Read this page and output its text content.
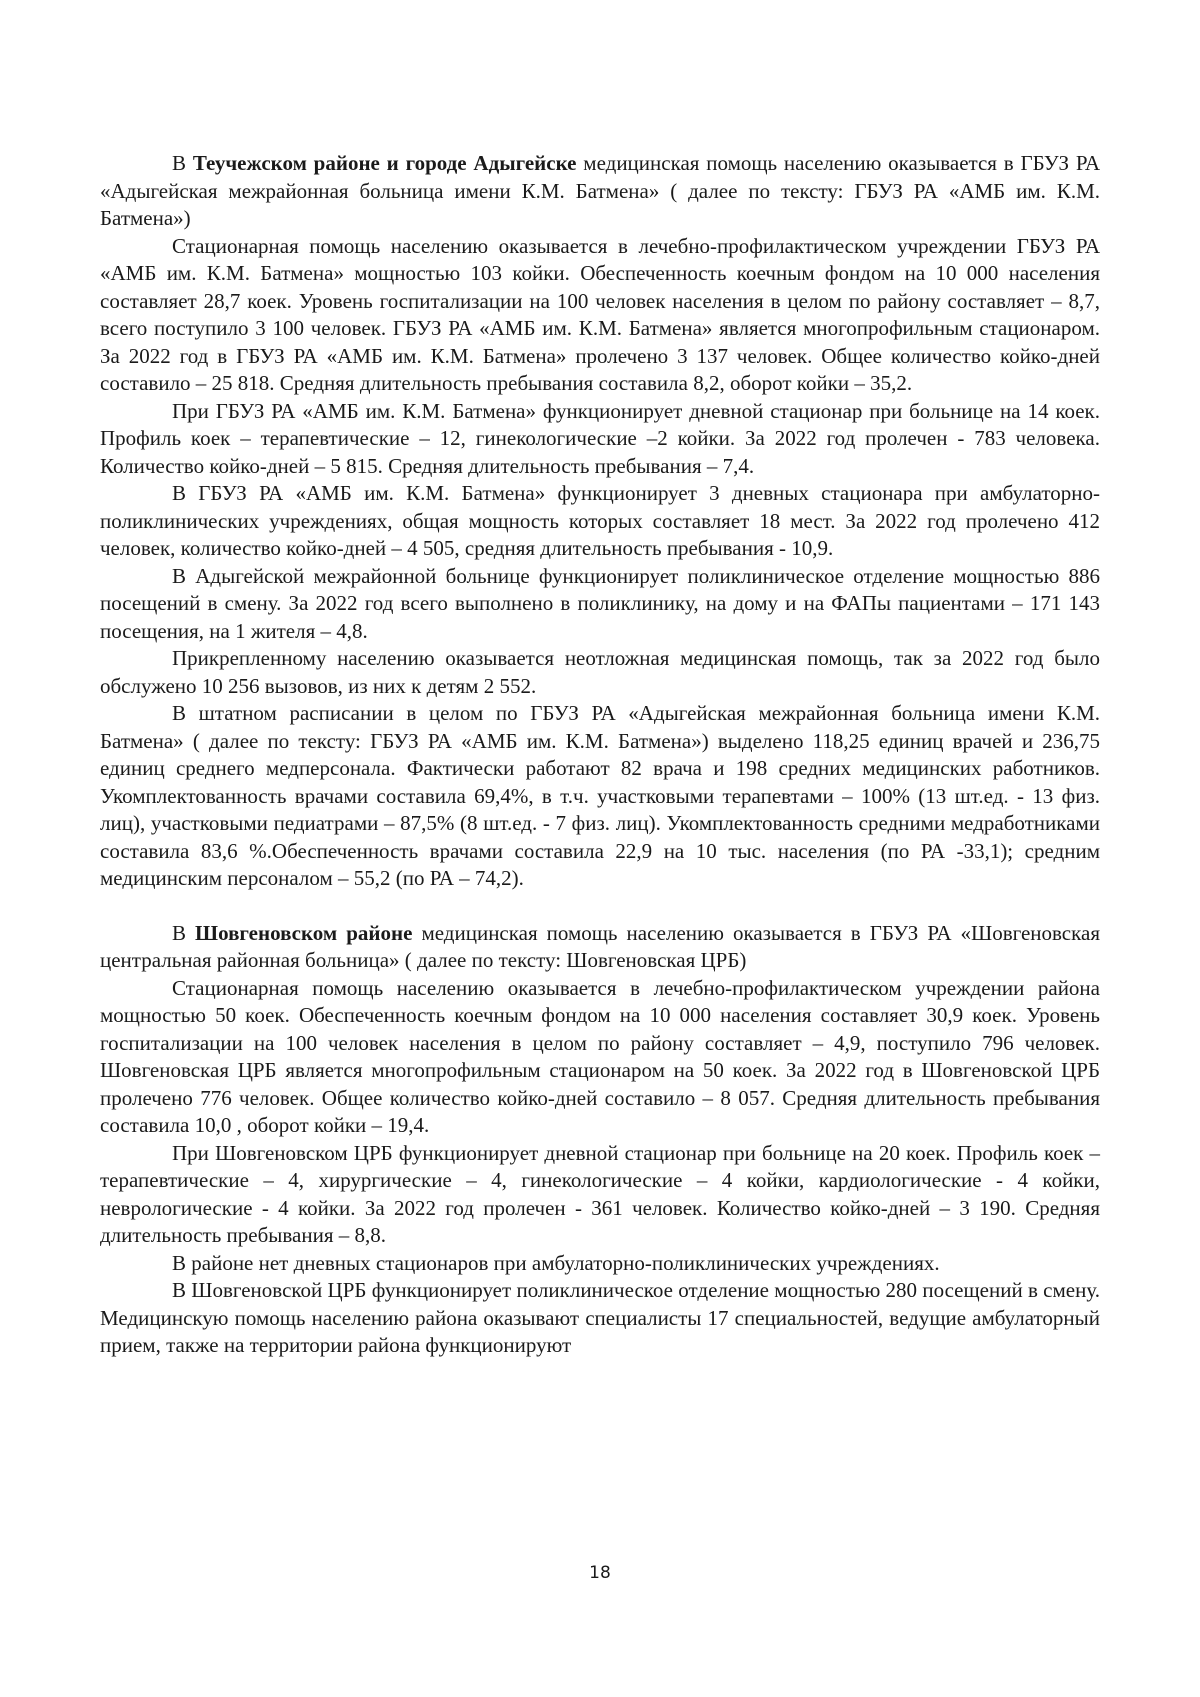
В Теучежском районе и городе Адыгейске медицинская помощь населению оказывается в ГБУЗ РА «Адыгейская межрайонная больница имени К.М. Батмена» ( далее по тексту: ГБУЗ РА «АМБ им. К.М. Батмена»)

Стационарная помощь населению оказывается в лечебно-профилактическом учреждении ГБУЗ РА «АМБ им. К.М. Батмена» мощностью 103 койки. Обеспеченность коечным фондом на 10 000 населения составляет 28,7 коек. Уровень госпитализации на 100 человек населения в целом по району составляет – 8,7, всего поступило 3 100 человек. ГБУЗ РА «АМБ им. К.М. Батмена» является многопрофильным стационаром. За 2022 год в ГБУЗ РА «АМБ им. К.М. Батмена» пролечено 3 137 человек. Общее количество койко-дней составило – 25 818. Средняя длительность пребывания составила 8,2, оборот койки – 35,2.

При ГБУЗ РА «АМБ им. К.М. Батмена» функционирует дневной стационар при больнице на 14 коек. Профиль коек – терапевтические – 12, гинекологические –2 койки. За 2022 год пролечен - 783 человека. Количество койко-дней – 5 815. Средняя длительность пребывания – 7,4.

В ГБУЗ РА «АМБ им. К.М. Батмена» функционирует 3 дневных стационара при амбулаторно-поликлинических учреждениях, общая мощность которых составляет 18 мест. За 2022 год пролечено 412 человек, количество койко-дней – 4 505, средняя длительность пребывания - 10,9.

В Адыгейской межрайонной больнице функционирует поликлиническое отделение мощностью 886 посещений в смену. За 2022 год всего выполнено в поликлинику, на дому и на ФАПы пациентами – 171 143 посещения, на 1 жителя – 4,8.

Прикрепленному населению оказывается неотложная медицинская помощь, так за 2022 год было обслужено 10 256 вызовов, из них к детям 2 552.

В штатном расписании в целом по ГБУЗ РА «Адыгейская межрайонная больница имени К.М. Батмена» ( далее по тексту: ГБУЗ РА «АМБ им. К.М. Батмена») выделено 118,25 единиц врачей и 236,75 единиц среднего медперсонала. Фактически работают 82 врача и 198 средних медицинских работников. Укомплектованность врачами составила 69,4%, в т.ч. участковыми терапевтами – 100% (13 шт.ед. - 13 физ. лиц), участковыми педиатрами – 87,5% (8 шт.ед. - 7 физ. лиц). Укомплектованность средними медработниками составила 83,6 %.Обеспеченность врачами составила 22,9 на 10 тыс. населения (по РА -33,1); средним медицинским персоналом – 55,2 (по РА – 74,2).

В Шовгеновском районе медицинская помощь населению оказывается в ГБУЗ РА «Шовгеновская центральная районная больница» ( далее по тексту: Шовгеновская ЦРБ)

Стационарная помощь населению оказывается в лечебно-профилактическом учреждении района мощностью 50 коек. Обеспеченность коечным фондом на 10 000 населения составляет 30,9 коек. Уровень госпитализации на 100 человек населения в целом по району составляет – 4,9, поступило 796 человек. Шовгеновская ЦРБ является многопрофильным стационаром на 50 коек. За 2022 год в Шовгеновской ЦРБ пролечено 776 человек. Общее количество койко-дней составило – 8 057. Средняя длительность пребывания составила 10,0 , оборот койки – 19,4.

При Шовгеновском ЦРБ функционирует дневной стационар при больнице на 20 коек. Профиль коек – терапевтические – 4, хирургические – 4, гинекологические – 4 койки, кардиологические - 4 койки, неврологические - 4 койки. За 2022 год пролечен - 361 человек. Количество койко-дней – 3 190. Средняя длительность пребывания – 8,8.

В районе нет дневных стационаров при амбулаторно-поликлинических учреждениях.

В Шовгеновской ЦРБ функционирует поликлиническое отделение мощностью 280 посещений в смену. Медицинскую помощь населению района оказывают специалисты 17 специальностей, ведущие амбулаторный прием, также на территории района функционируют

18
